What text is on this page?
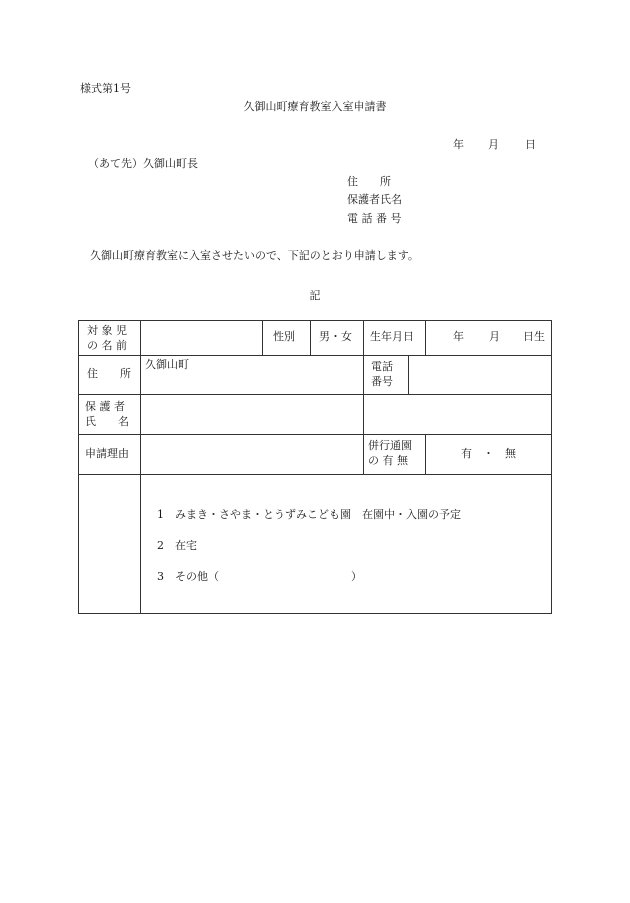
様式第1号
久御山町療育教室入室申請書
年 月 日
（あて先）久御山町長
住　　所
保護者氏名
電 話 番 号
久御山町療育教室に入室させたいので、下記のとおり申請します。
記
対 象 児
の 名 前
性別 男・女 生年月日	年 月 日生
住　　所
久御山町	電話
番号
保 護 者
氏　　名
申請理由
併行通園
の 有 無
有　・　無
1　みまき・さやま・とうずみこども園　在園中・入園の予定
2　在宅
3　その他（　　　　　　　　　　　　）
